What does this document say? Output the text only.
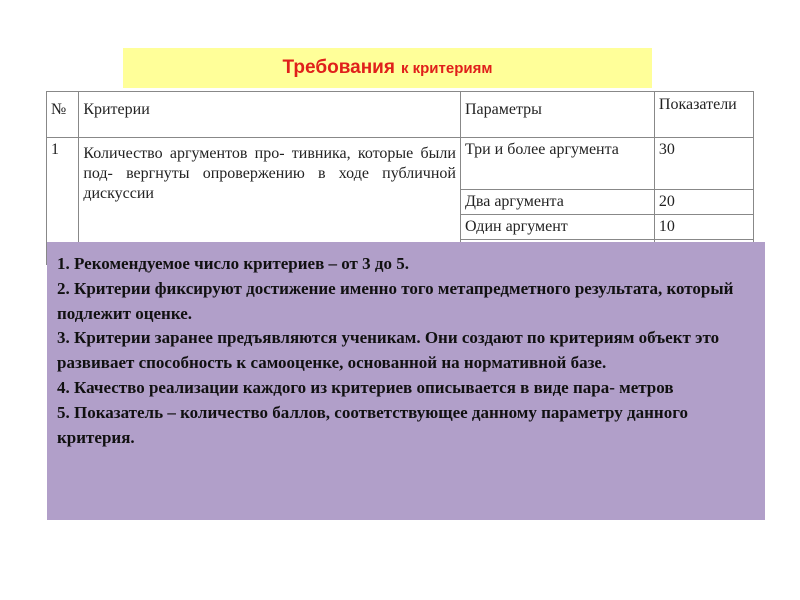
Требования к критериям
№	Критерии	Параметры	Показатели
1	Количество аргументов про- тивника, которые были под- вергнуты опровержению в ходе публичной дискуссии	Три и более аргумента	30
		Два аргумента	20
		Один аргумент	10

1. Рекомендуемое число критериев – от 3 до 5.

2. Критерии фиксируют достижение именно того метапредметного результата, который подлежит оценке.

3. Критерии заранее предъявляются ученикам. Они создают по критериям объект это развивает способность к самооценке, основанной на нормативной базе.

4. Качество реализации каждого из критериев описывается в виде пара- метров

5. Показатель – количество баллов, соответствующее данному параметру данного критерия.
